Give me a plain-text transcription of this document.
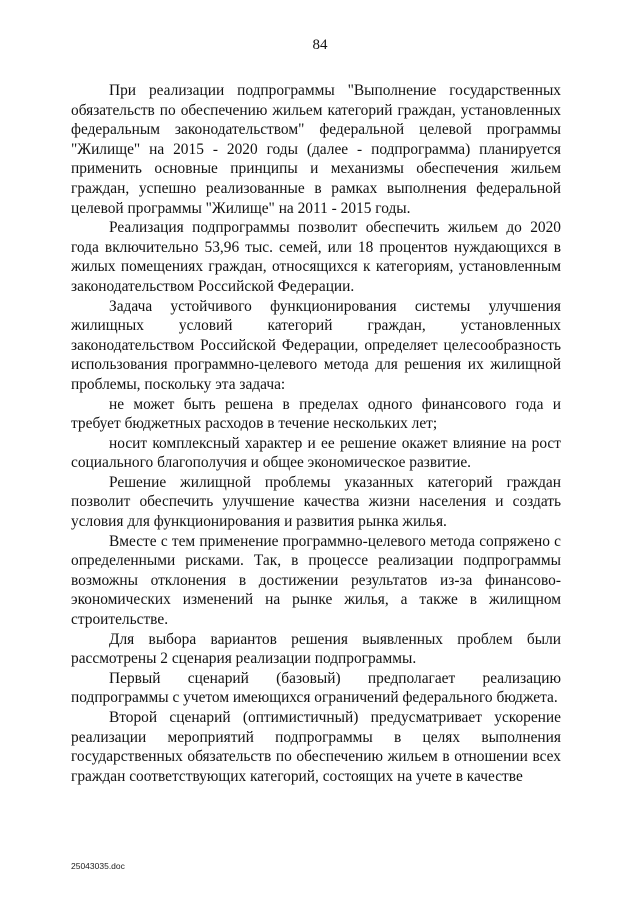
84

При реализации подпрограммы "Выполнение государственных обязательств по обеспечению жильем категорий граждан, установленных федеральным законодательством" федеральной целевой программы "Жилище" на 2015 - 2020 годы (далее - подпрограмма) планируется применить основные принципы и механизмы обеспечения жильем граждан, успешно реализованные в рамках выполнения федеральной целевой программы "Жилище" на 2011 - 2015 годы.

Реализация подпрограммы позволит обеспечить жильем до 2020 года включительно 53,96 тыс. семей, или 18 процентов нуждающихся в жилых помещениях граждан, относящихся к категориям, установленным законодательством Российской Федерации.

Задача устойчивого функционирования системы улучшения жилищных условий категорий граждан, установленных законодательством Российской Федерации, определяет целесообразность использования программно-целевого метода для решения их жилищной проблемы, поскольку эта задача:

не может быть решена в пределах одного финансового года и требует бюджетных расходов в течение нескольких лет;

носит комплексный характер и ее решение окажет влияние на рост социального благополучия и общее экономическое развитие.

Решение жилищной проблемы указанных категорий граждан позволит обеспечить улучшение качества жизни населения и создать условия для функционирования и развития рынка жилья.

Вместе с тем применение программно-целевого метода сопряжено с определенными рисками. Так, в процессе реализации подпрограммы возможны отклонения в достижении результатов из-за финансово-экономических изменений на рынке жилья, а также в жилищном строительстве.

Для выбора вариантов решения выявленных проблем были рассмотрены 2 сценария реализации подпрограммы.

Первый сценарий (базовый) предполагает реализацию подпрограммы с учетом имеющихся ограничений федерального бюджета.

Второй сценарий (оптимистичный) предусматривает ускорение реализации мероприятий подпрограммы в целях выполнения государственных обязательств по обеспечению жильем в отношении всех граждан соответствующих категорий, состоящих на учете в качестве

25043035.doc
